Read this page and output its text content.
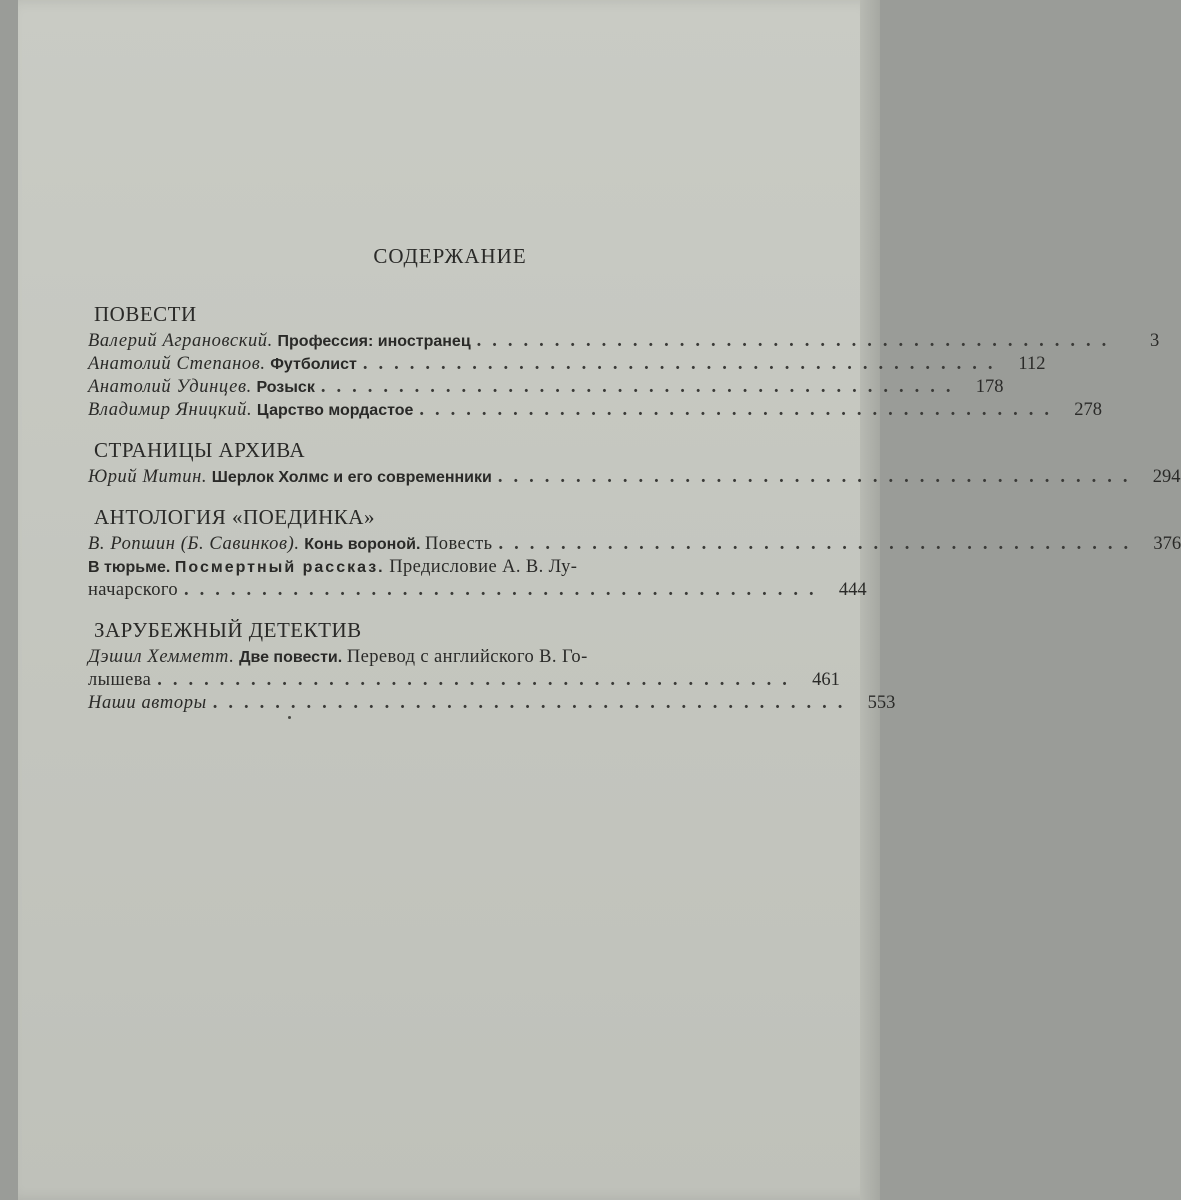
СОДЕРЖАНИЕ
ПОВЕСТИ
Валерий Аграновский. Профессия: иностранец .........................................	3
Анатолий Степанов. Футболист ......................................... 112
Анатолий Удинцев. Розыск ......................................... 178
Владимир Яницкий. Царство мордастое ......................................... 278
СТРАНИЦЫ АРХИВА
Юрий Митин. Шерлок Холмс и его современники ......................................... 294
АНТОЛОГИЯ «ПОЕДИНКА»
В. Ропшин (Б. Савинков). Конь вороной. Повесть ......................................... 376
В тюрьме. Посмертный рассказ. Предисловие А. В. Лу-
начарского ......................................... 444
ЗАРУБЕЖНЫЙ ДЕТЕКТИВ
Дэшил Хемметт. Две повести. Перевод с английского В. Го-
лышева ......................................... 461
Наши авторы ......................................... 553
